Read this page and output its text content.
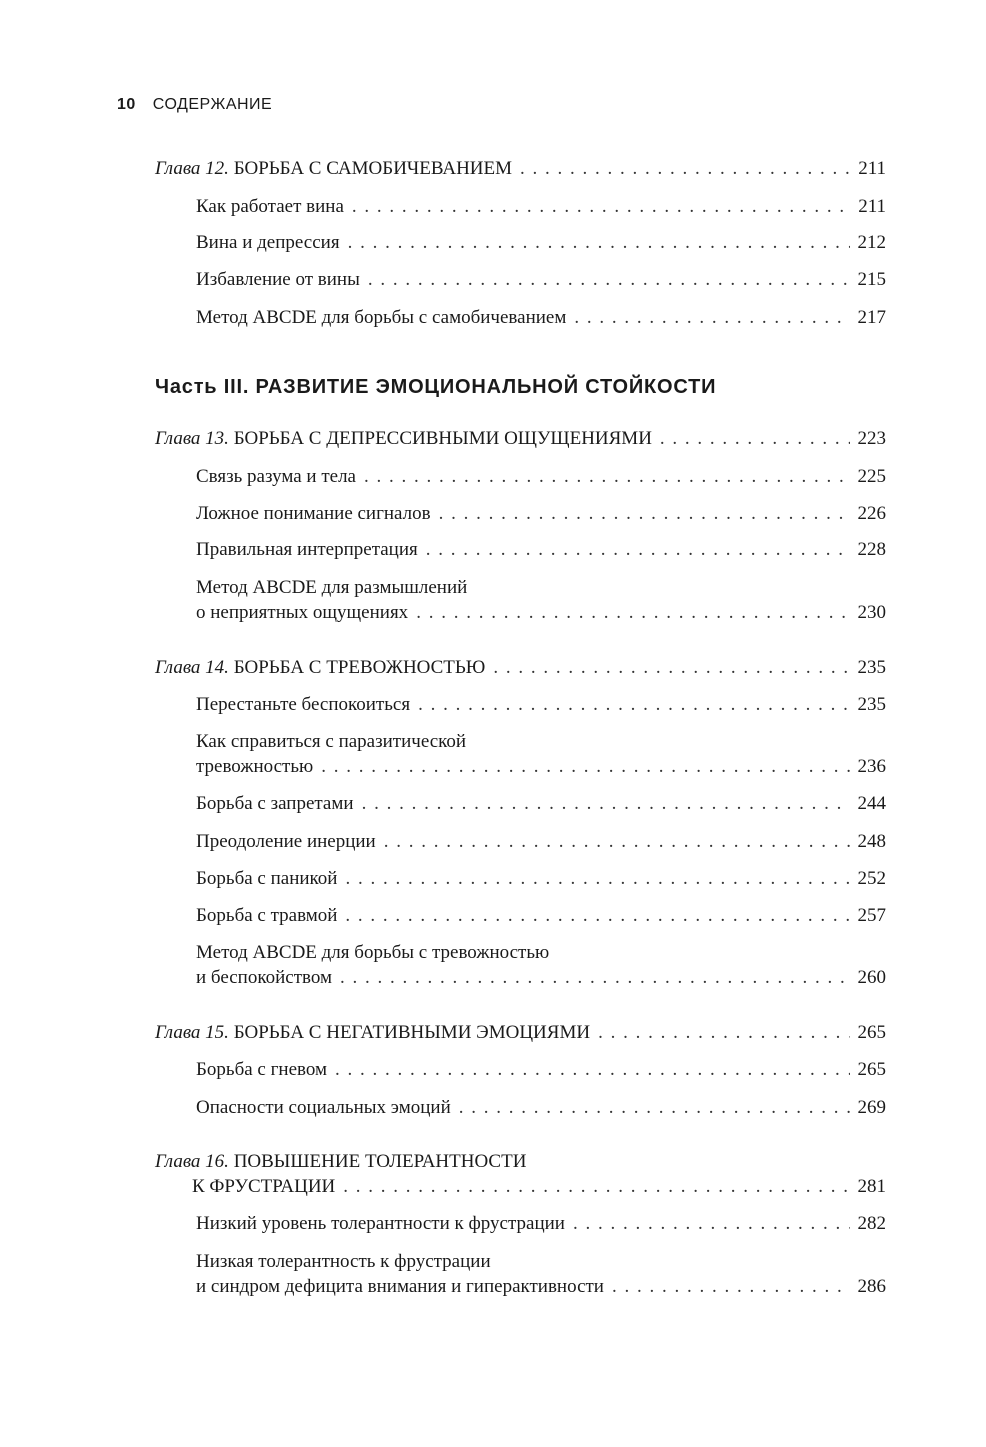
10 СОДЕРЖАНИЕ
Глава 12. БОРЬБА С САМОБИЧЕВАНИЕМ . . .	211
Как работает вина . . .	211
Вина и депрессия . . .	212
Избавление от вины . . .	215
Метод ABCDE для борьбы с самобичеванием . . .	217
Часть III. РАЗВИТИЕ ЭМОЦИОНАЛЬНОЙ СТОЙКОСТИ
Глава 13. БОРЬБА С ДЕПРЕССИВНЫМИ ОЩУЩЕНИЯМИ . . .	223
Связь разума и тела . . .	225
Ложное понимание сигналов . . .	226
Правильная интерпретация . . .	228
Метод ABCDE для размышлений
о неприятных ощущениях . . .	230
Глава 14. БОРЬБА С ТРЕВОЖНОСТЬЮ . . .	235
Перестаньте беспокоиться . . .	235
Как справиться с паразитической
тревожностью . . .	236
Борьба с запретами . . .	244
Преодоление инерции . . .	248
Борьба с паникой . . .	252
Борьба с травмой . . .	257
Метод ABCDE для борьбы с тревожностью
и беспокойством . . .	260
Глава 15. БОРЬБА С НЕГАТИВНЫМИ ЭМОЦИЯМИ . . .	265
Борьба с гневом . . .	265
Опасности социальных эмоций . . .	269
Глава 16. ПОВЫШЕНИЕ ТОЛЕРАНТНОСТИ
К ФРУСТРАЦИИ . . .	281
Низкий уровень толерантности к фрустрации . . .	282
Низкая толерантность к фрустрации
и синдром дефицита внимания и гиперактивности . . .	286
